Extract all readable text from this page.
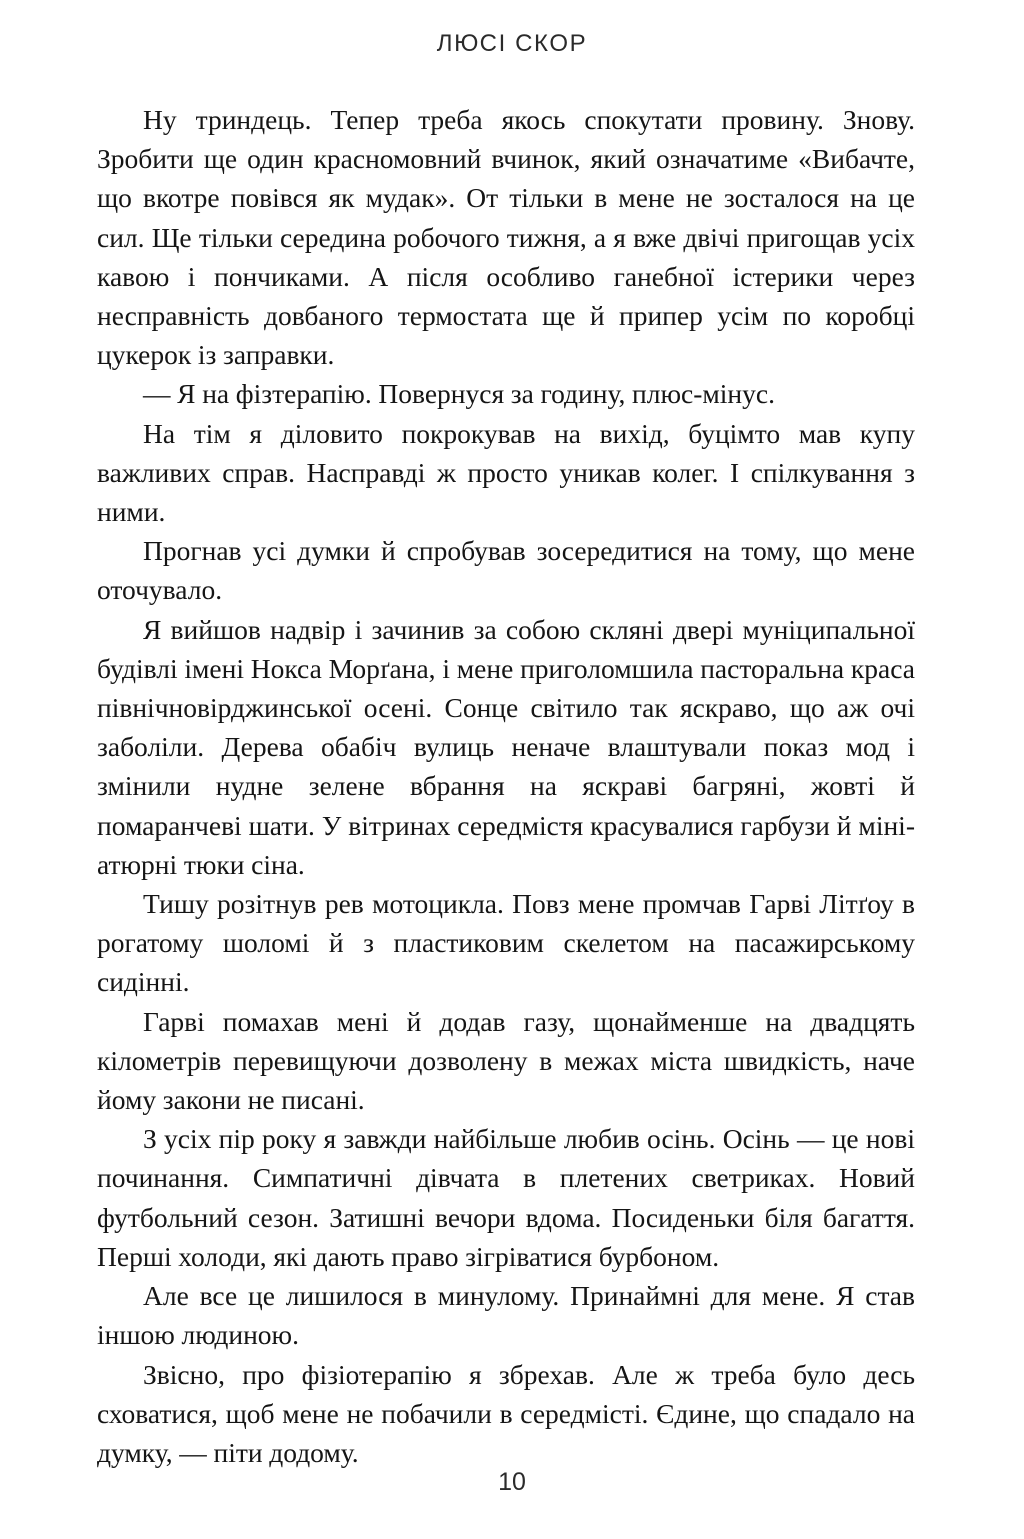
ЛЮСІ СКОР

Ну триндець. Тепер треба якось спокутати провину. Знову. Зробити ще один красномовний вчинок, який означатиме «Вибачте, що вкотре повівся як мудак». От тільки в мене не зосталося на це сил. Ще тільки середина робочого тижня, а я вже двічі пригощав усіх кавою і пончиками. А після особливо ганебної істерики через несправність довбаного термостата ще й припер усім по коробці цукерок із заправки.

— Я на фізтерапію. Повернуся за годину, плюс-мінус.

На тім я діловито покрокував на вихід, буцімто мав купу важливих справ. Насправді ж просто уникав колег. І спілкування з ними.

Прогнав усі думки й спробував зосередитися на тому, що мене оточувало.

Я вийшов надвір і зачинив за собою скляні двері муніципальної будівлі імені Нокса Морґана, і мене приголомшила пасторальна краса північновірджинської осені. Сонце світило так яскраво, що аж очі заболіли. Дерева обабіч вулиць неначе влаштували показ мод і змінили нудне зелене вбрання на яскраві багряні, жовті й помаранчеві шати. У вітринах середмістя красувалися гарбузи й мініатюрні тюки сіна.

Тишу розітнув рев мотоцикла. Повз мене промчав Гарві Літґоу в рогатому шоломі й з пластиковим скелетом на пасажирському сидінні.

Гарві помахав мені й додав газу, щонайменше на двадцять кілометрів перевищуючи дозволену в межах міста швидкість, наче йому закони не писані.

З усіх пір року я завжди найбільше любив осінь. Осінь — це нові починання. Симпатичні дівчата в плетених светриках. Новий футбольний сезон. Затишні вечори вдома. Посиденьки біля багаття. Перші холоди, які дають право зігріватися бурбоном.

Але все це лишилося в минулому. Принаймні для мене. Я став іншою людиною.

Звісно, про фізіотерапію я збрехав. Але ж треба було десь сховатися, щоб мене не побачили в середмісті. Єдине, що спадало на думку, — піти додому.

10
